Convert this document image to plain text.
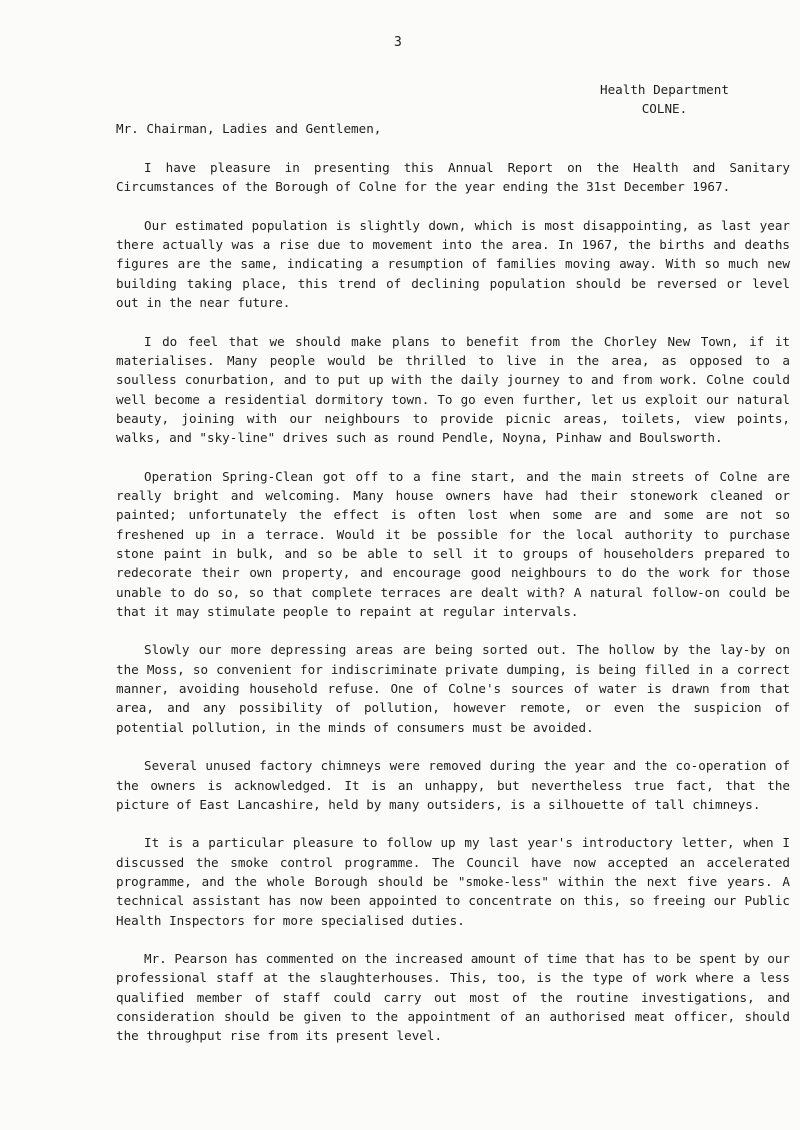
3
Health Department
COLNE.
Mr. Chairman, Ladies and Gentlemen,

I have pleasure in presenting this Annual Report on the Health and Sanitary Circumstances of the Borough of Colne for the year ending the 31st December 1967.

Our estimated population is slightly down, which is most disappointing, as last year there actually was a rise due to movement into the area. In 1967, the births and deaths figures are the same, indicating a resumption of families moving away. With so much new building taking place, this trend of declining population should be reversed or level out in the near future.

I do feel that we should make plans to benefit from the Chorley New Town, if it materialises. Many people would be thrilled to live in the area, as opposed to a soulless conurbation, and to put up with the daily journey to and from work. Colne could well become a residential dormitory town. To go even further, let us exploit our natural beauty, joining with our neighbours to provide picnic areas, toilets, view points, walks, and "sky-line" drives such as round Pendle, Noyna, Pinhaw and Boulsworth.

Operation Spring-Clean got off to a fine start, and the main streets of Colne are really bright and welcoming. Many house owners have had their stonework cleaned or painted; unfortunately the effect is often lost when some are and some are not so freshened up in a terrace. Would it be possible for the local authority to purchase stone paint in bulk, and so be able to sell it to groups of householders prepared to redecorate their own property, and encourage good neighbours to do the work for those unable to do so, so that complete terraces are dealt with? A natural follow-on could be that it may stimulate people to repaint at regular intervals.

Slowly our more depressing areas are being sorted out. The hollow by the lay-by on the Moss, so convenient for indiscriminate private dumping, is being filled in a correct manner, avoiding household refuse. One of Colne's sources of water is drawn from that area, and any possibility of pollution, however remote, or even the suspicion of potential pollution, in the minds of consumers must be avoided.

Several unused factory chimneys were removed during the year and the co-operation of the owners is acknowledged. It is an unhappy, but nevertheless true fact, that the picture of East Lancashire, held by many outsiders, is a silhouette of tall chimneys.

It is a particular pleasure to follow up my last year's introductory letter, when I discussed the smoke control programme. The Council have now accepted an accelerated programme, and the whole Borough should be "smoke-less" within the next five years. A technical assistant has now been appointed to concentrate on this, so freeing our Public Health Inspectors for more specialised duties.

Mr. Pearson has commented on the increased amount of time that has to be spent by our professional staff at the slaughterhouses. This, too, is the type of work where a less qualified member of staff could carry out most of the routine investigations, and consideration should be given to the appointment of an authorised meat officer, should the throughput rise from its present level.
